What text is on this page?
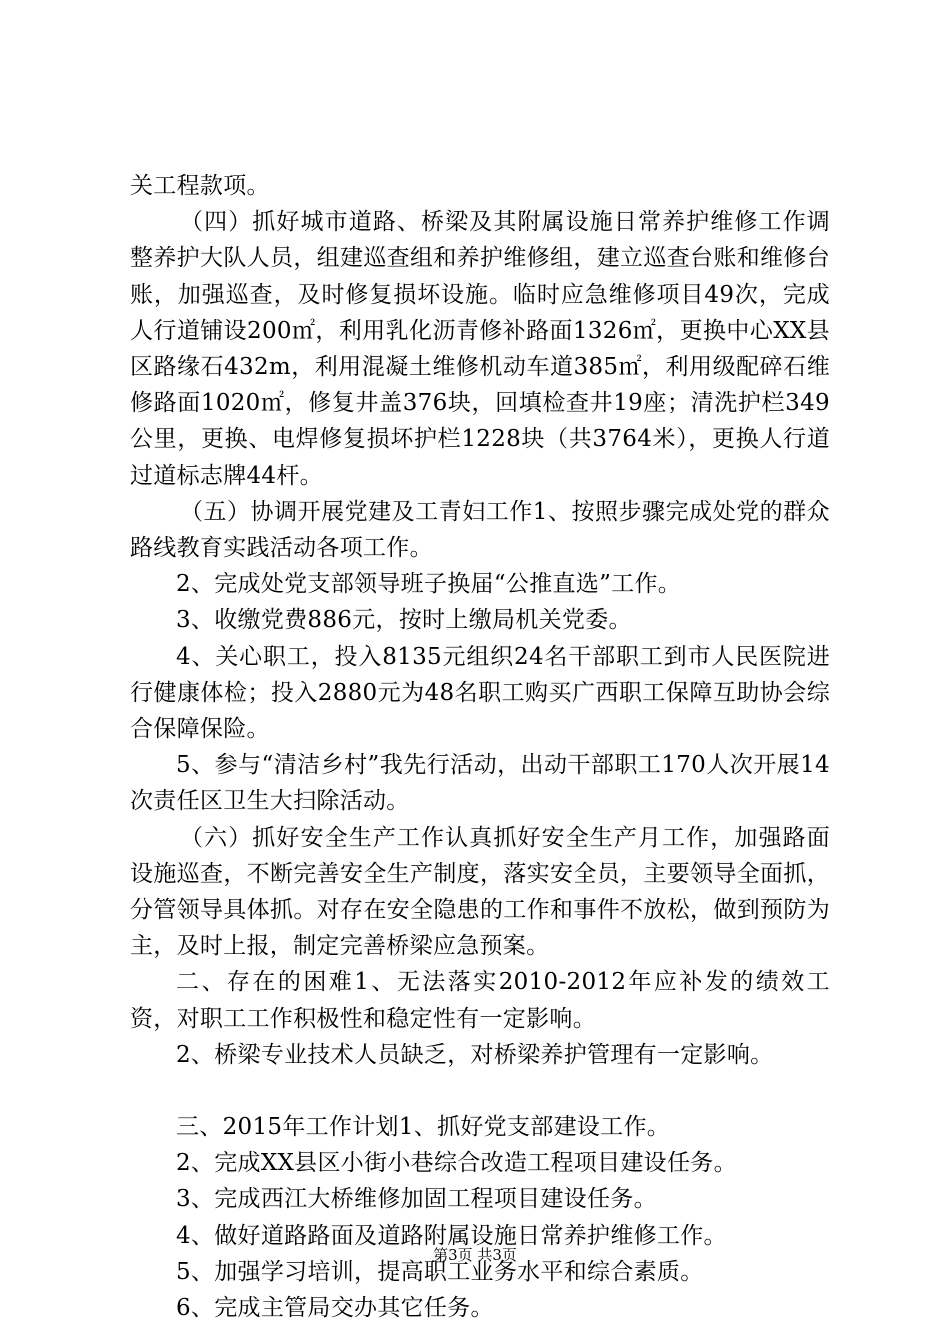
关工程款项。

（四）抓好城市道路、桥梁及其附属设施日常养护维修工作调整养护大队人员，组建巡查组和养护维修组，建立巡查台账和维修台账，加强巡查，及时修复损坏设施。临时应急维修项目49次，完成人行道铺设200㎡，利用乳化沥青修补路面1326㎡，更换中心XX县区路缘石432m，利用混凝土维修机动车道385㎡，利用级配碎石维修路面1020㎡，修复井盖376块，回填检查井19座；清洗护栏349公里，更换、电焊修复损坏护栏1228块（共3764米），更换人行道过道标志牌44杆。

（五）协调开展党建及工青妇工作1、按照步骤完成处党的群众路线教育实践活动各项工作。

2、完成处党支部领导班子换届“公推直选”工作。

3、收缴党费886元，按时上缴局机关党委。

4、关心职工，投入8135元组织24名干部职工到市人民医院进行健康体检；投入2880元为48名职工购买广西职工保障互助协会综合保障保险。

5、参与“清洁乡村”我先行活动，出动干部职工170人次开展14次责任区卫生大扫除活动。

（六）抓好安全生产工作认真抓好安全生产月工作，加强路面设施巡查，不断完善安全生产制度，落实安全员，主要领导全面抓，分管领导具体抓。对存在安全隐患的工作和事件不放松，做到预防为主，及时上报，制定完善桥梁应急预案。

二、存在的困难1、无法落实2010-2012年应补发的绩效工资，对职工工作积极性和稳定性有一定影响。

2、桥梁专业技术人员缺乏，对桥梁养护管理有一定影响。

三、2015年工作计划1、抓好党支部建设工作。

2、完成XX县区小街小巷综合改造工程项目建设任务。

3、完成西江大桥维修加固工程项目建设任务。

4、做好道路路面及道路附属设施日常养护维修工作。

5、加强学习培训，提高职工业务水平和综合素质。

6、完成主管局交办其它任务。

第3页 共3页
